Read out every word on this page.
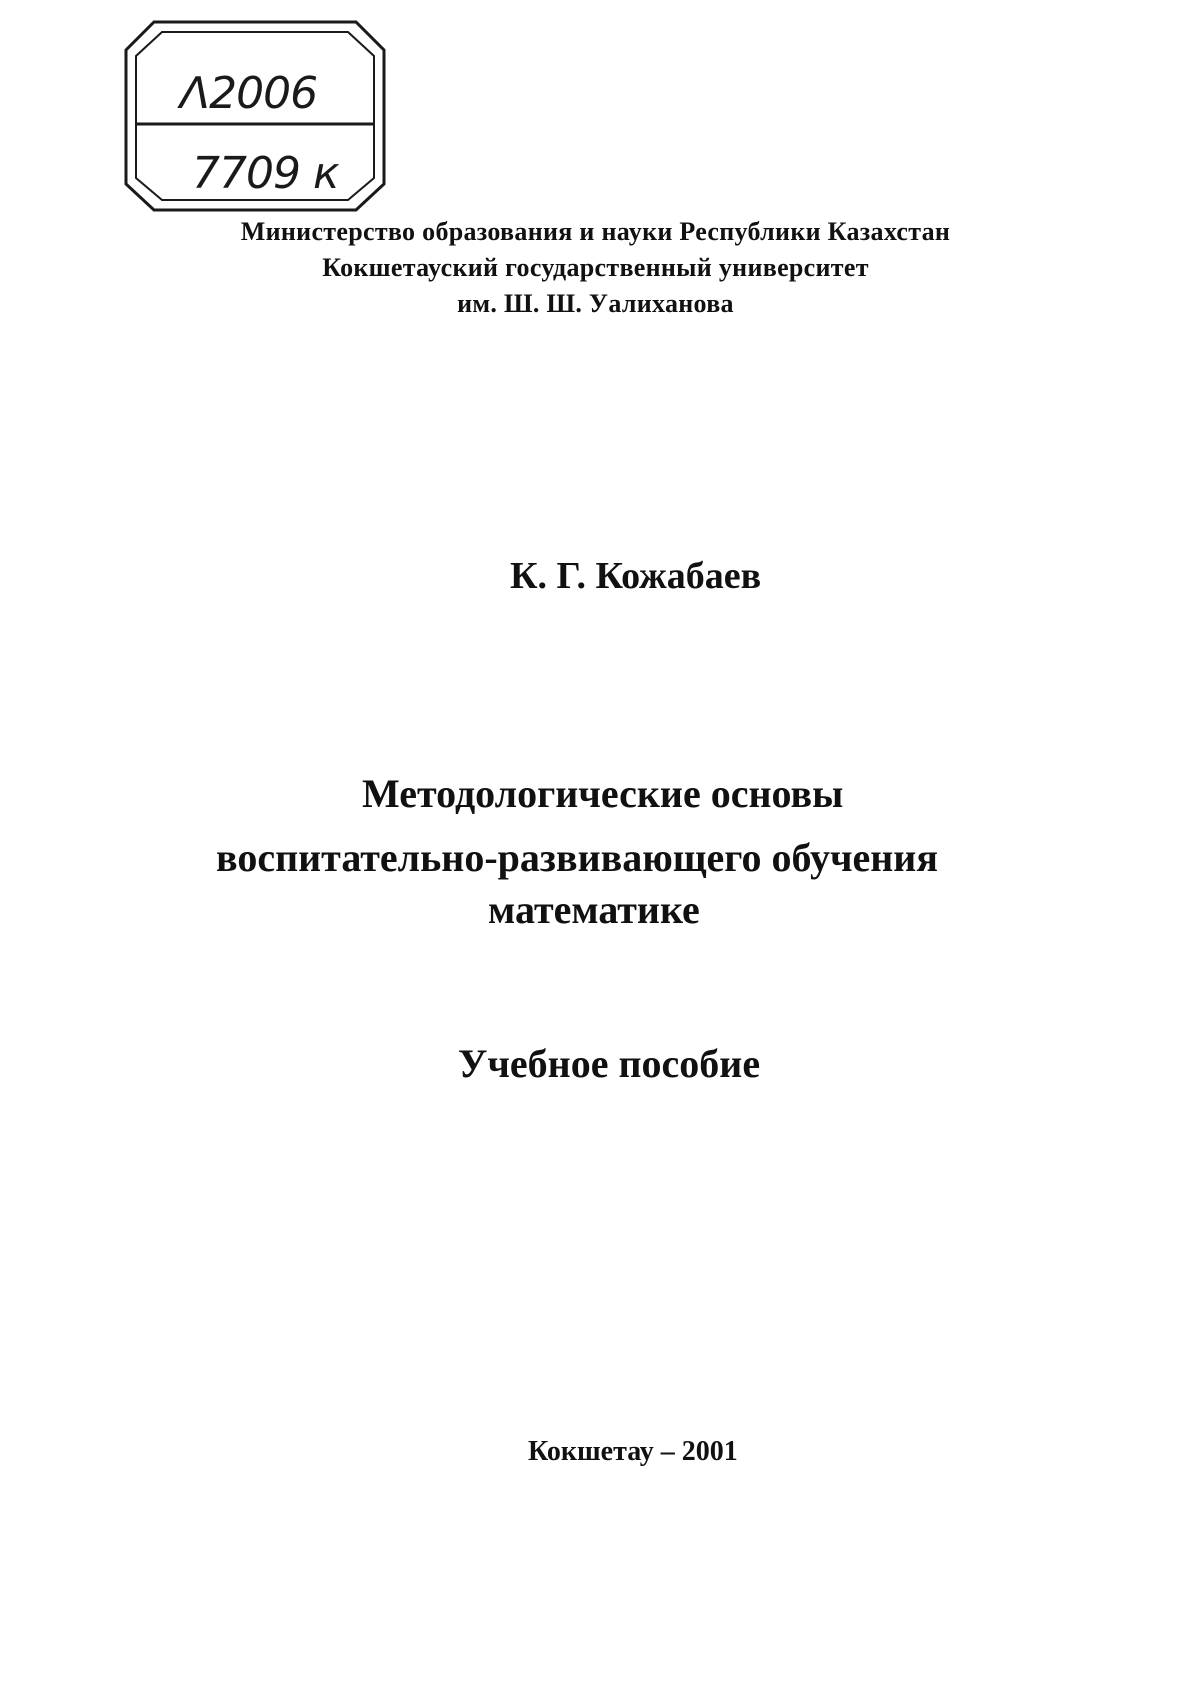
Λ2006
7709 к
Министерство образования и науки Республики Казахстан
Кокшетауский государственный университет
им. Ш. Ш. Уалиханова
К. Г. Кожабаев
Методологические основы
воспитательно-развивающего обучения
математике
Учебное пособие
Кокшетау – 2001
